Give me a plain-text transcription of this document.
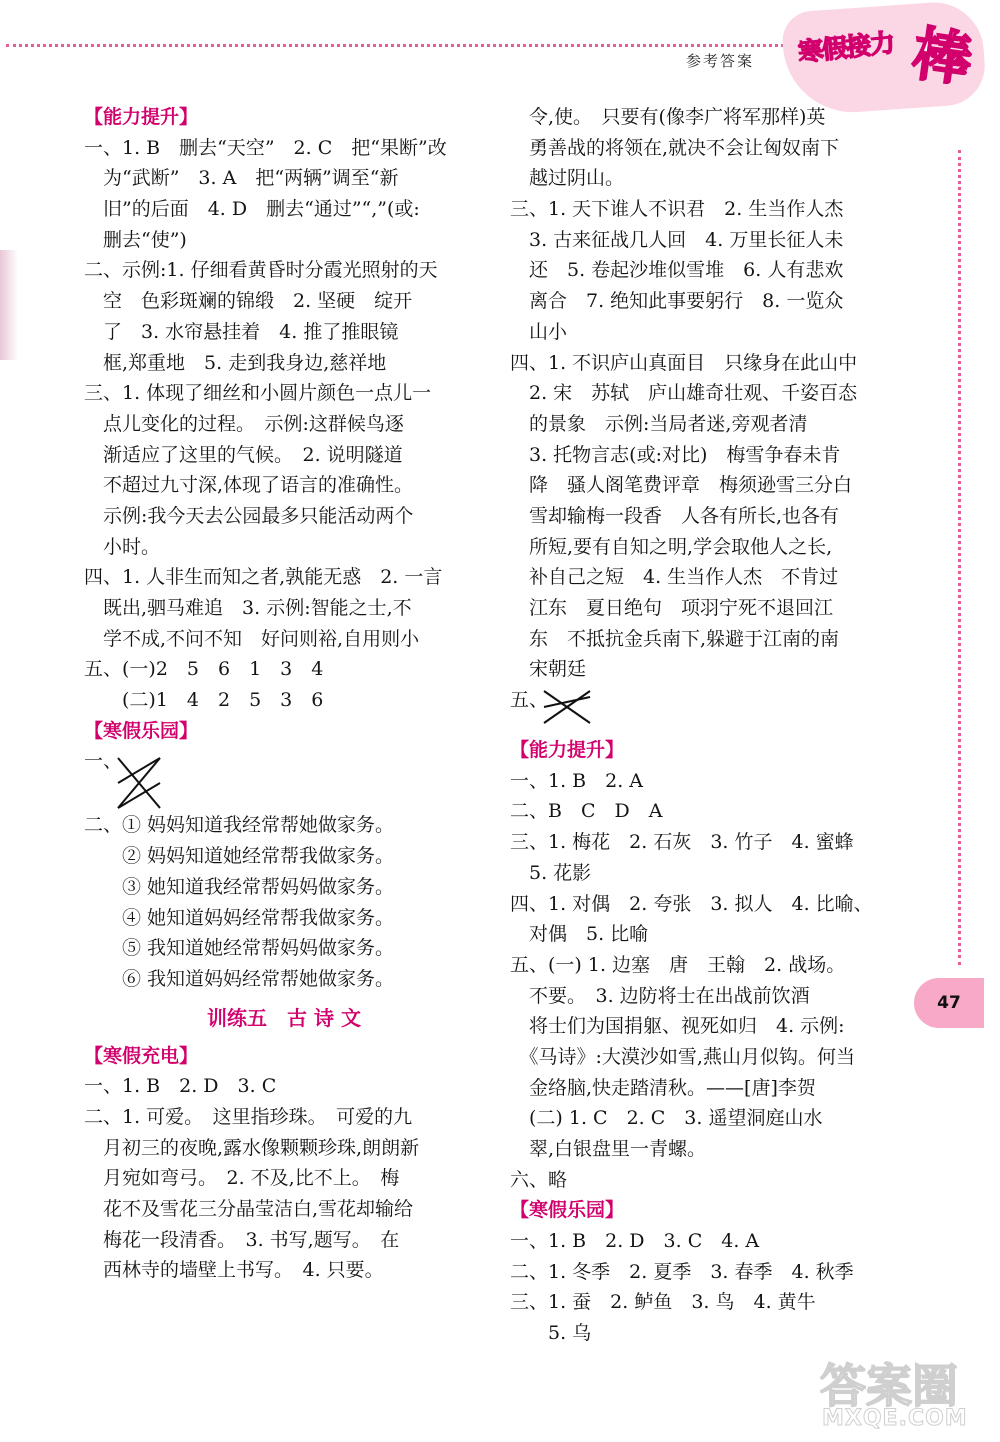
参考答案 寒假接力 棒
47
【能力提升】
一、1. B　删去“天空”　2. C　把“果断”改
　为“武断”　3. A　把“两辆”调至“新
　旧”的后面　4. D　删去“通过”“,”(或:
　删去“使”)
二、示例:1. 仔细看黄昏时分霞光照射的天
　空　色彩斑斓的锦缎　2. 坚硬　绽开
　了　3. 水帘悬挂着　4. 推了推眼镜
　框,郑重地　5. 走到我身边,慈祥地
三、1. 体现了细丝和小圆片颜色一点儿一
　点儿变化的过程。　示例:这群候鸟逐
　渐适应了这里的气候。　2. 说明隧道
　不超过九寸深,体现了语言的准确性。
　示例:我今天去公园最多只能活动两个
　小时。
四、1. 人非生而知之者,孰能无惑　2. 一言
　既出,驷马难追　3. 示例:智能之士,不
　学不成,不问不知　好问则裕,自用则小
五、(一)2　5　6　1　3　4
　　(二)1　4　2　5　3　6
【寒假乐园】
一、
二、① 妈妈知道我经常帮她做家务。
　　② 妈妈知道她经常帮我做家务。
　　③ 她知道我经常帮妈妈做家务。
　　④ 她知道妈妈经常帮我做家务。
　　⑤ 我知道她经常帮妈妈做家务。
　　⑥ 我知道妈妈经常帮她做家务。
训练五　古 诗 文
【寒假充电】
一、1. B　2. D　3. C
二、1. 可爱。　这里指珍珠。　可爱的九
　月初三的夜晚,露水像颗颗珍珠,朗朗新
　月宛如弯弓。　2. 不及,比不上。　梅
　花不及雪花三分晶莹洁白,雪花却输给
　梅花一段清香。　3. 书写,题写。　在
　西林寺的墙壁上书写。　4. 只要。
　令,使。　只要有(像李广将军那样)英
　勇善战的将领在,就决不会让匈奴南下
　越过阴山。
三、1. 天下谁人不识君　2. 生当作人杰
　3. 古来征战几人回　4. 万里长征人未
　还　5. 卷起沙堆似雪堆　6. 人有悲欢
　离合　7. 绝知此事要躬行　8. 一览众
　山小
四、1. 不识庐山真面目　只缘身在此山中
　2. 宋　苏轼　庐山雄奇壮观、千姿百态
　的景象　示例:当局者迷,旁观者清
　3. 托物言志(或:对比)　梅雪争春未肯
　降　骚人阁笔费评章　梅须逊雪三分白
　雪却输梅一段香　人各有所长,也各有
　所短,要有自知之明,学会取他人之长,
　补自己之短　4. 生当作人杰　不肯过
　江东　夏日绝句　项羽宁死不退回江
　东　不抵抗金兵南下,躲避于江南的南
　宋朝廷
五、
【能力提升】
一、1. B　2. A
二、B　C　D　A
三、1. 梅花　2. 石灰　3. 竹子　4. 蜜蜂
　5. 花影
四、1. 对偶　2. 夸张　3. 拟人　4. 比喻、
　对偶　5. 比喻
五、(一) 1. 边塞　唐　王翰　2. 战场。
　不要。　3. 边防将士在出战前饮酒
　将士们为国捐躯、视死如归　4. 示例:
　《马诗》:大漠沙如雪,燕山月似钩。何当
　金络脑,快走踏清秋。——[唐]李贺
　(二) 1. C　2. C　3. 遥望洞庭山水
　翠,白银盘里一青螺。
六、略
【寒假乐园】
一、1. B　2. D　3. C　4. A
二、1. 冬季　2. 夏季　3. 春季　4. 秋季
三、1. 蚕　2. 鲈鱼　3. 鸟　4. 黄牛
　　5. 乌
答案圈
MXQE.COM
